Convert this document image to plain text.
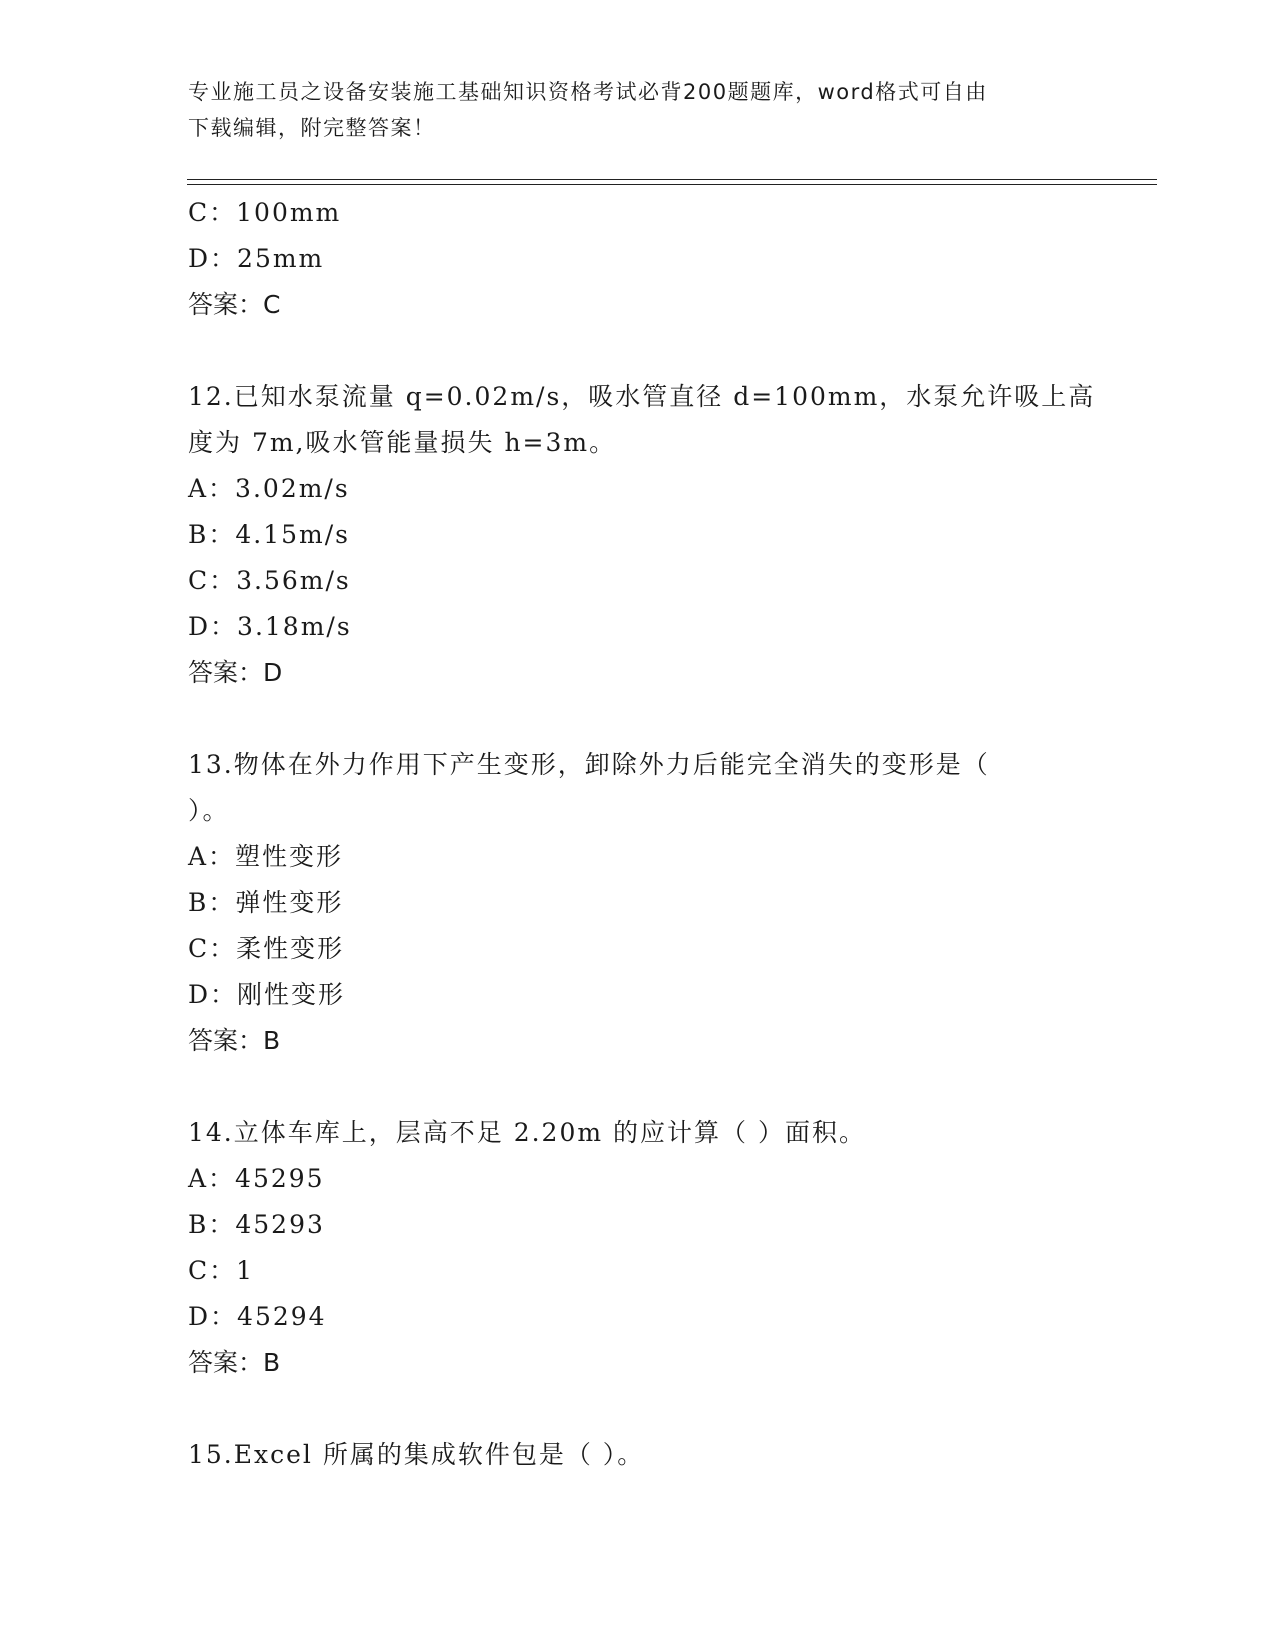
专业施工员之设备安装施工基础知识资格考试必背200题题库，word格式可自由
下载编辑，附完整答案！
C：100mm
D：25mm
答案：C
12.已知水泵流量 q=0.02m/s，吸水管直径 d=100mm，水泵允许吸上高
度为 7m,吸水管能量损失 h=3m。
A：3.02m/s
B：4.15m/s
C：3.56m/s
D：3.18m/s
答案：D
13.物体在外力作用下产生变形，卸除外力后能完全消失的变形是（
）。
A：塑性变形
B：弹性变形
C：柔性变形
D：刚性变形
答案：B
14.立体车库上，层高不足 2.20m 的应计算（ ）面积。
A：45295
B：45293
C：1
D：45294
答案：B
15.Excel 所属的集成软件包是（ ）。
